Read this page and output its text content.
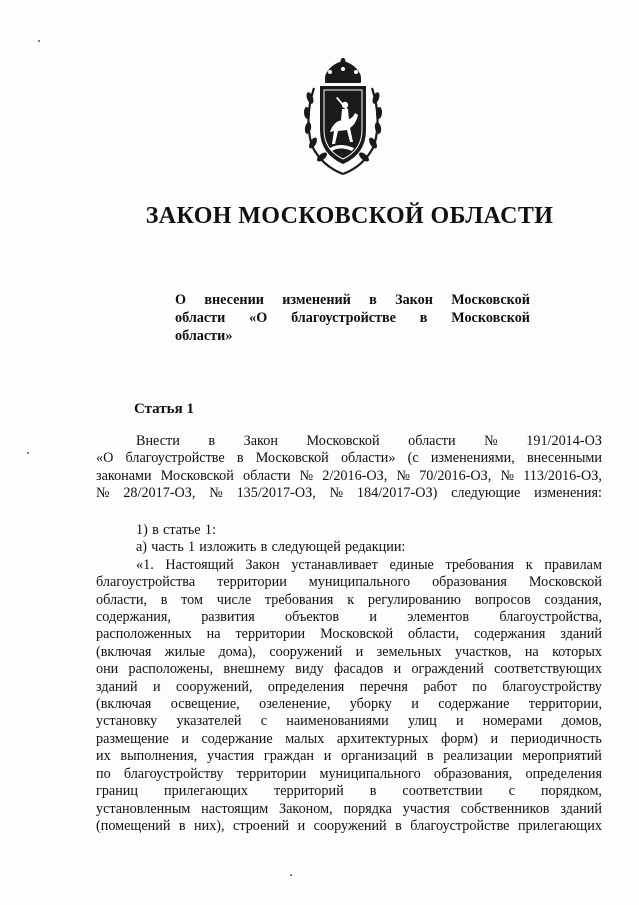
ЗАКОН МОСКОВСКОЙ ОБЛАСТИ
О внесении изменений в Закон Московской
области «О благоустройстве в Московской
области»
Статья 1
Внести в Закон Московской области № 191/2014-ОЗ
«О благоустройстве в Московской области» (с изменениями, внесенными
законами Московской области № 2/2016-ОЗ, № 70/2016-ОЗ, № 113/2016-ОЗ,
№ 28/2017-ОЗ, № 135/2017-ОЗ, № 184/2017-ОЗ) следующие изменения:
1) в статье 1:
а) часть 1 изложить в следующей редакции:
«1. Настоящий Закон устанавливает единые требования к правилам
благоустройства территории муниципального образования Московской
области, в том числе требования к регулированию вопросов создания,
содержания, развития объектов и элементов благоустройства,
расположенных на территории Московской области, содержания зданий
(включая жилые дома), сооружений и земельных участков, на которых
они расположены, внешнему виду фасадов и ограждений соответствующих
зданий и сооружений, определения перечня работ по благоустройству
(включая освещение, озеленение, уборку и содержание территории,
установку указателей с наименованиями улиц и номерами домов,
размещение и содержание малых архитектурных форм) и периодичность
их выполнения, участия граждан и организаций в реализации мероприятий
по благоустройству территории муниципального образования, определения
границ прилегающих территорий в соответствии с порядком,
установленным настоящим Законом, порядка участия собственников зданий
(помещений в них), строений и сооружений в благоустройстве прилегающих
